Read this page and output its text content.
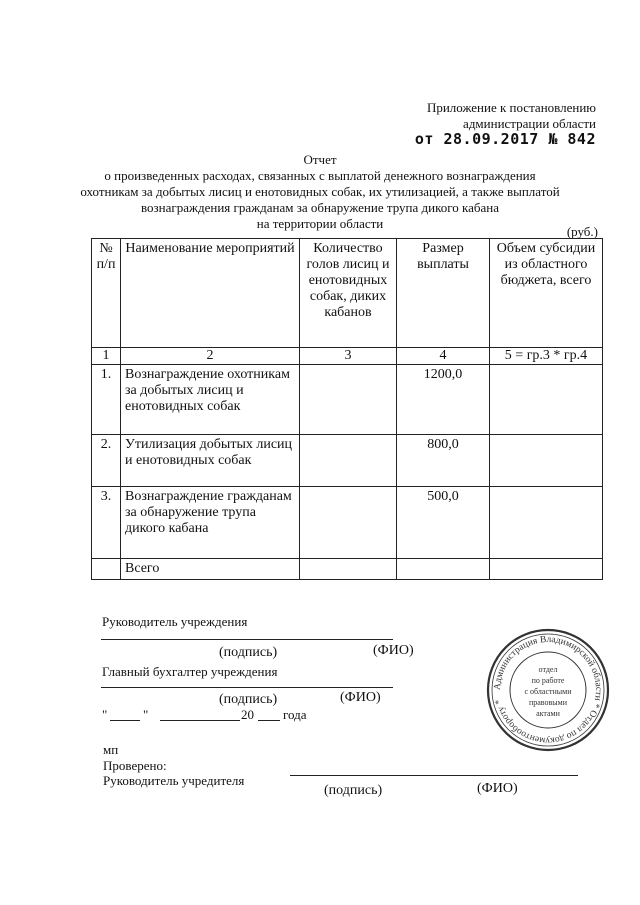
Приложение к постановлению
администрации области
от 28.09.2017 № 842
Отчет
о произведенных расходах, связанных с выплатой денежного вознаграждения
охотникам за добытых лисиц и енотовидных собак, их утилизацией, а также выплатой
вознаграждения гражданам за обнаружение трупа дикого кабана
на территории области
(руб.)
№ п/п	Наименование мероприятий	Количество голов лисиц и енотовидных собак, диких кабанов	Размер выплаты	Объем субсидии из областного бюджета, всего
1	2	3	4	5 = гр.3 * гр.4
1.	Вознаграждение охотникам за добытых лисиц и енотовидных собак		1200,0	
2.	Утилизация добытых лисиц и енотовидных собак		800,0	
3.	Вознаграждение гражданам за обнаружение трупа дикого кабана		500,0	
	Всего			
Руководитель учреждения
(подпись)	(ФИО)
Главный бухгалтер учреждения
(подпись)	(ФИО)
"	"	20 года
мп
Проверено:
Руководитель учредителя
(подпись)	(ФИО)
Администрация Владимирской области * Отдел по документообороту *
отдел
по работе
с областными
правовыми
актами
